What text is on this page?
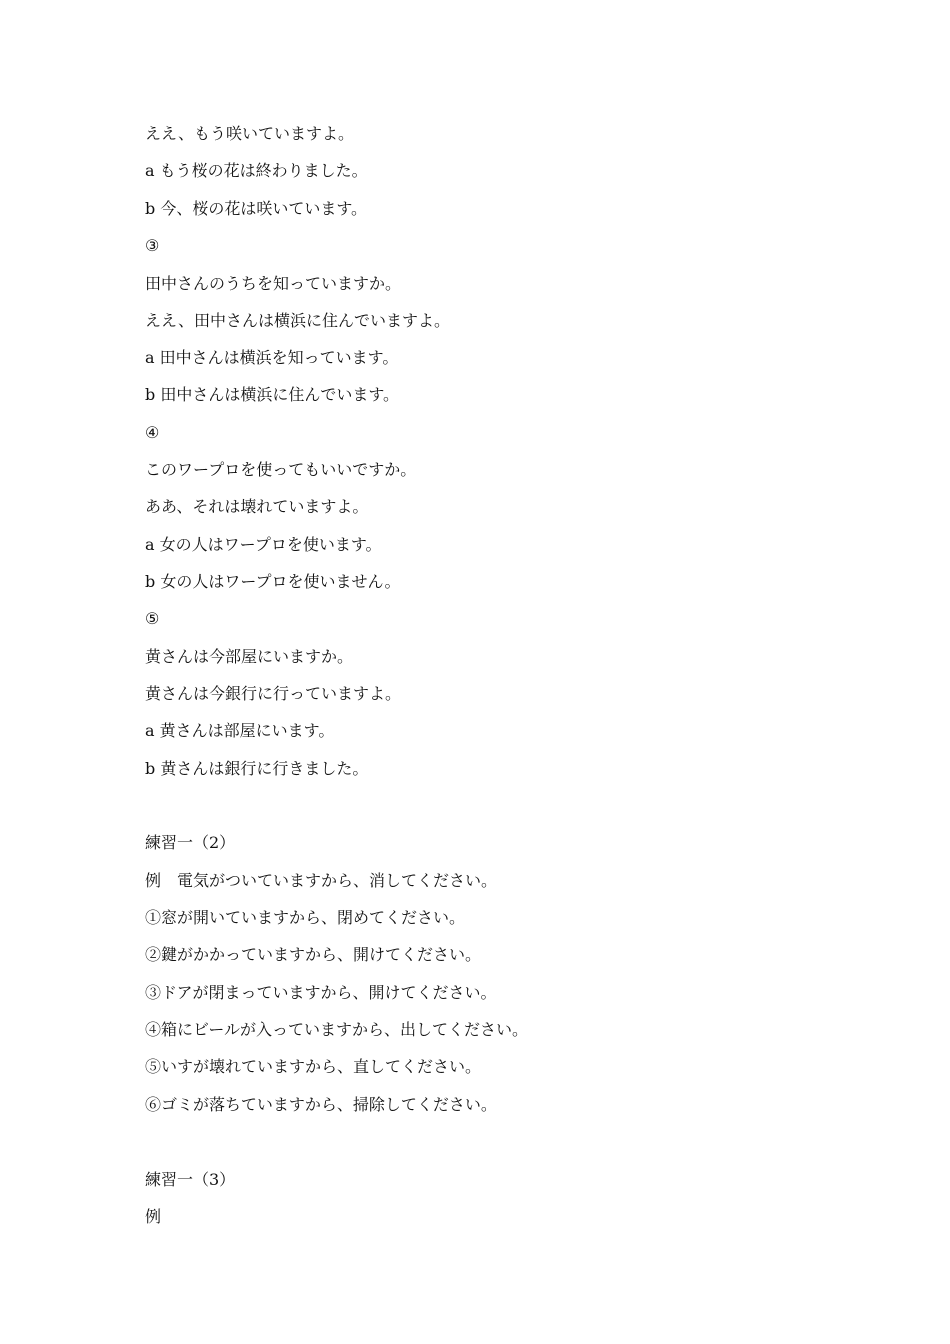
ええ、もう咲いていますよ。
a もう桜の花は終わりました。
b 今、桜の花は咲いています。
③
田中さんのうちを知っていますか。
ええ、田中さんは横浜に住んでいますよ。
a 田中さんは横浜を知っています。
b 田中さんは横浜に住んでいます。
④
このワープロを使ってもいいですか。
ああ、それは壊れていますよ。
a 女の人はワープロを使います。
b 女の人はワープロを使いません。
⑤
黄さんは今部屋にいますか。
黄さんは今銀行に行っていますよ。
a 黄さんは部屋にいます。
b 黄さんは銀行に行きました。
練習一（2）
例　電気がついていますから、消してください。
①窓が開いていますから、閉めてください。
②鍵がかかっていますから、開けてください。
③ドアが閉まっていますから、開けてください。
④箱にビールが入っていますから、出してください。
⑤いすが壊れていますから、直してください。
⑥ゴミが落ちていますから、掃除してください。
練習一（3）
例
